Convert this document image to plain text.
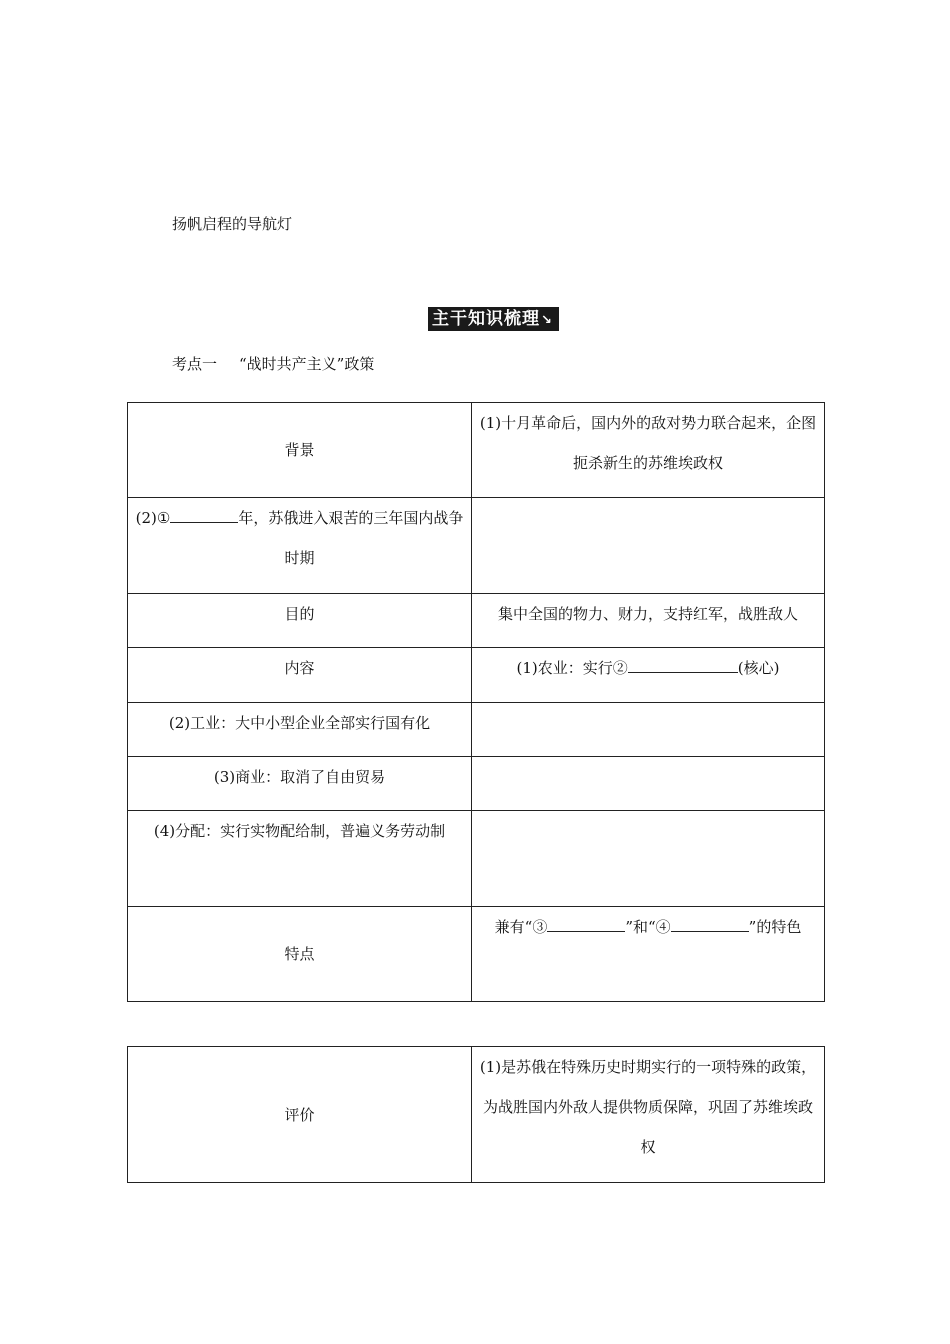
扬帆启程的导航灯
主干知识梳理↘
考点一 “战时共产主义”政策
背景	(1)十月革命后，国内外的敌对势力联合起来，企图扼杀新生的苏维埃政权
(2)① 年，苏俄进入艰苦的三年国内战争时期	
目的	集中全国的物力、财力，支持红军，战胜敌人
内容	(1)农业：实行② (核心)
(2)工业：大中小型企业全部实行国有化	
(3)商业：取消了自由贸易	
(4)分配：实行实物配给制，普遍义务劳动制	
特点	兼有“③ ”和“④ ”的特色
评价	(1)是苏俄在特殊历史时期实行的一项特殊的政策，为战胜国内外敌人提供物质保障，巩固了苏维埃政权
